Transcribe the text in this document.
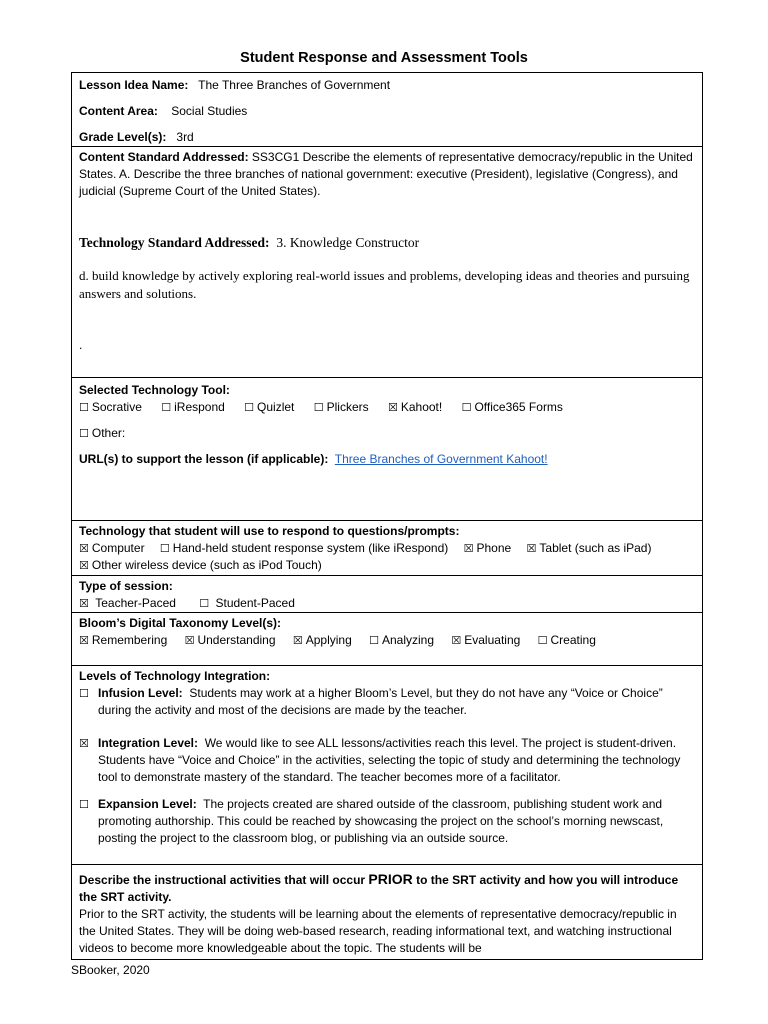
Student Response and Assessment Tools
Lesson Idea Name: The Three Branches of Government
Content Area: Social Studies
Grade Level(s): 3rd
Content Standard Addressed: SS3CG1 Describe the elements of representative democracy/republic in the United States. A. Describe the three branches of national government: executive (President), legislative (Congress), and judicial (Supreme Court of the United States).
Technology Standard Addressed: 3. Knowledge Constructor
d. build knowledge by actively exploring real-world issues and problems, developing ideas and theories and pursuing answers and solutions.
.
Selected Technology Tool:
☐ Socrative ☐ iRespond ☐ Quizlet ☐ Plickers ☒ Kahoot! ☐ Office365 Forms
☐ Other:
URL(s) to support the lesson (if applicable): Three Branches of Government Kahoot!
Technology that student will use to respond to questions/prompts:
☒ Computer ☐ Hand-held student response system (like iRespond) ☒ Phone ☒ Tablet (such as iPad)
☒ Other wireless device (such as iPod Touch)
Type of session:
☒ Teacher-Paced ☐ Student-Paced
Bloom’s Digital Taxonomy Level(s):
☒ Remembering ☒ Understanding ☒ Applying ☐ Analyzing ☒ Evaluating ☐ Creating
Levels of Technology Integration:
☐ Infusion Level: Students may work at a higher Bloom’s Level, but they do not have any “Voice or Choice” during the activity and most of the decisions are made by the teacher.
☒ Integration Level: We would like to see ALL lessons/activities reach this level. The project is student-driven. Students have “Voice and Choice” in the activities, selecting the topic of study and determining the technology tool to demonstrate mastery of the standard. The teacher becomes more of a facilitator.
☐ Expansion Level: The projects created are shared outside of the classroom, publishing student work and promoting authorship. This could be reached by showcasing the project on the school’s morning newscast, posting the project to the classroom blog, or publishing via an outside source.
Describe the instructional activities that will occur PRIOR to the SRT activity and how you will introduce the SRT activity.
Prior to the SRT activity, the students will be learning about the elements of representative democracy/republic in the United States. They will be doing web-based research, reading informational text, and watching instructional videos to become more knowledgeable about the topic. The students will be
SBooker, 2020
